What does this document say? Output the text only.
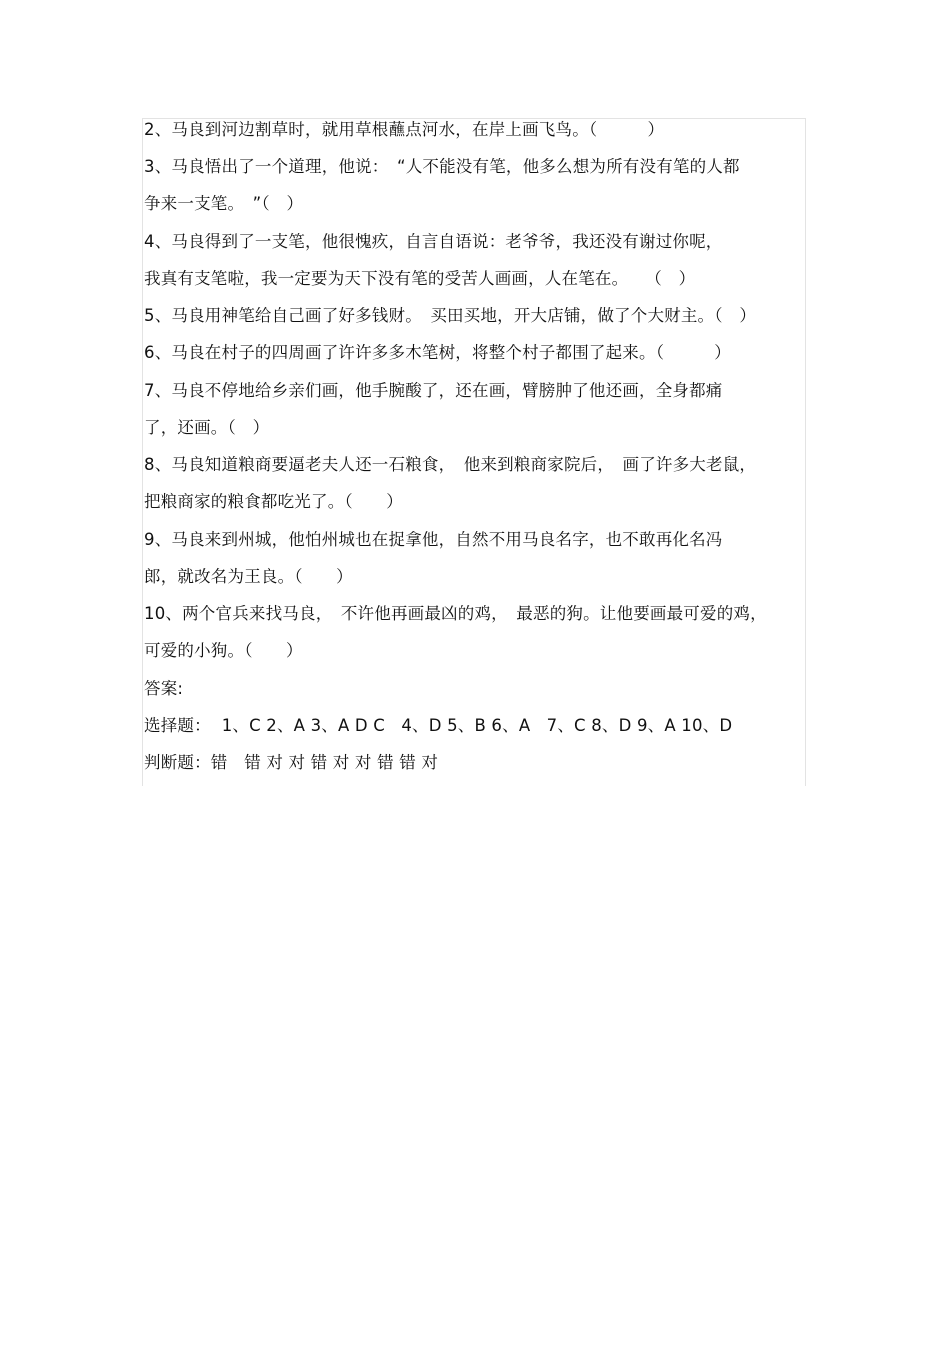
2、马良到河边割草时，就用草根蘸点河水，在岸上画飞鸟。（　　　）
3、马良悟出了一个道理，他说：　“人不能没有笔，他多么想为所有没有笔的人都
争来一支笔。　”（　）
4、马良得到了一支笔，他很愧疚，自言自语说：老爷爷，我还没有谢过你呢，
我真有支笔啦，我一定要为天下没有笔的受苦人画画，人在笔在。　　（　）
5、马良用神笔给自己画了好多钱财。　买田买地，开大店铺，做了个大财主。（　）
6、马良在村子的四周画了许许多多木笔树，将整个村子都围了起来。（　　　）
7、马良不停地给乡亲们画，他手腕酸了，还在画，臂膀肿了他还画，全身都痛
了，还画。（　）
8、马良知道粮商要逼老夫人还一石粮食，　他来到粮商家院后，　画了许多大老鼠，
把粮商家的粮食都吃光了。（　　）
9、马良来到州城，他怕州城也在捉拿他，自然不用马良名字，也不敢再化名冯
郎，就改名为王良。（　　）
10、两个官兵来找马良，　不许他再画最凶的鸡，　最恶的狗。让他要画最可爱的鸡，
可爱的小狗。（　　）
答案:
选择题：  1、C 2、A 3、A D C   4、D 5、B 6、A   7、C 8、D 9、A 10、D
判断题：错　错 对 对 错 对 对 错 错 对
